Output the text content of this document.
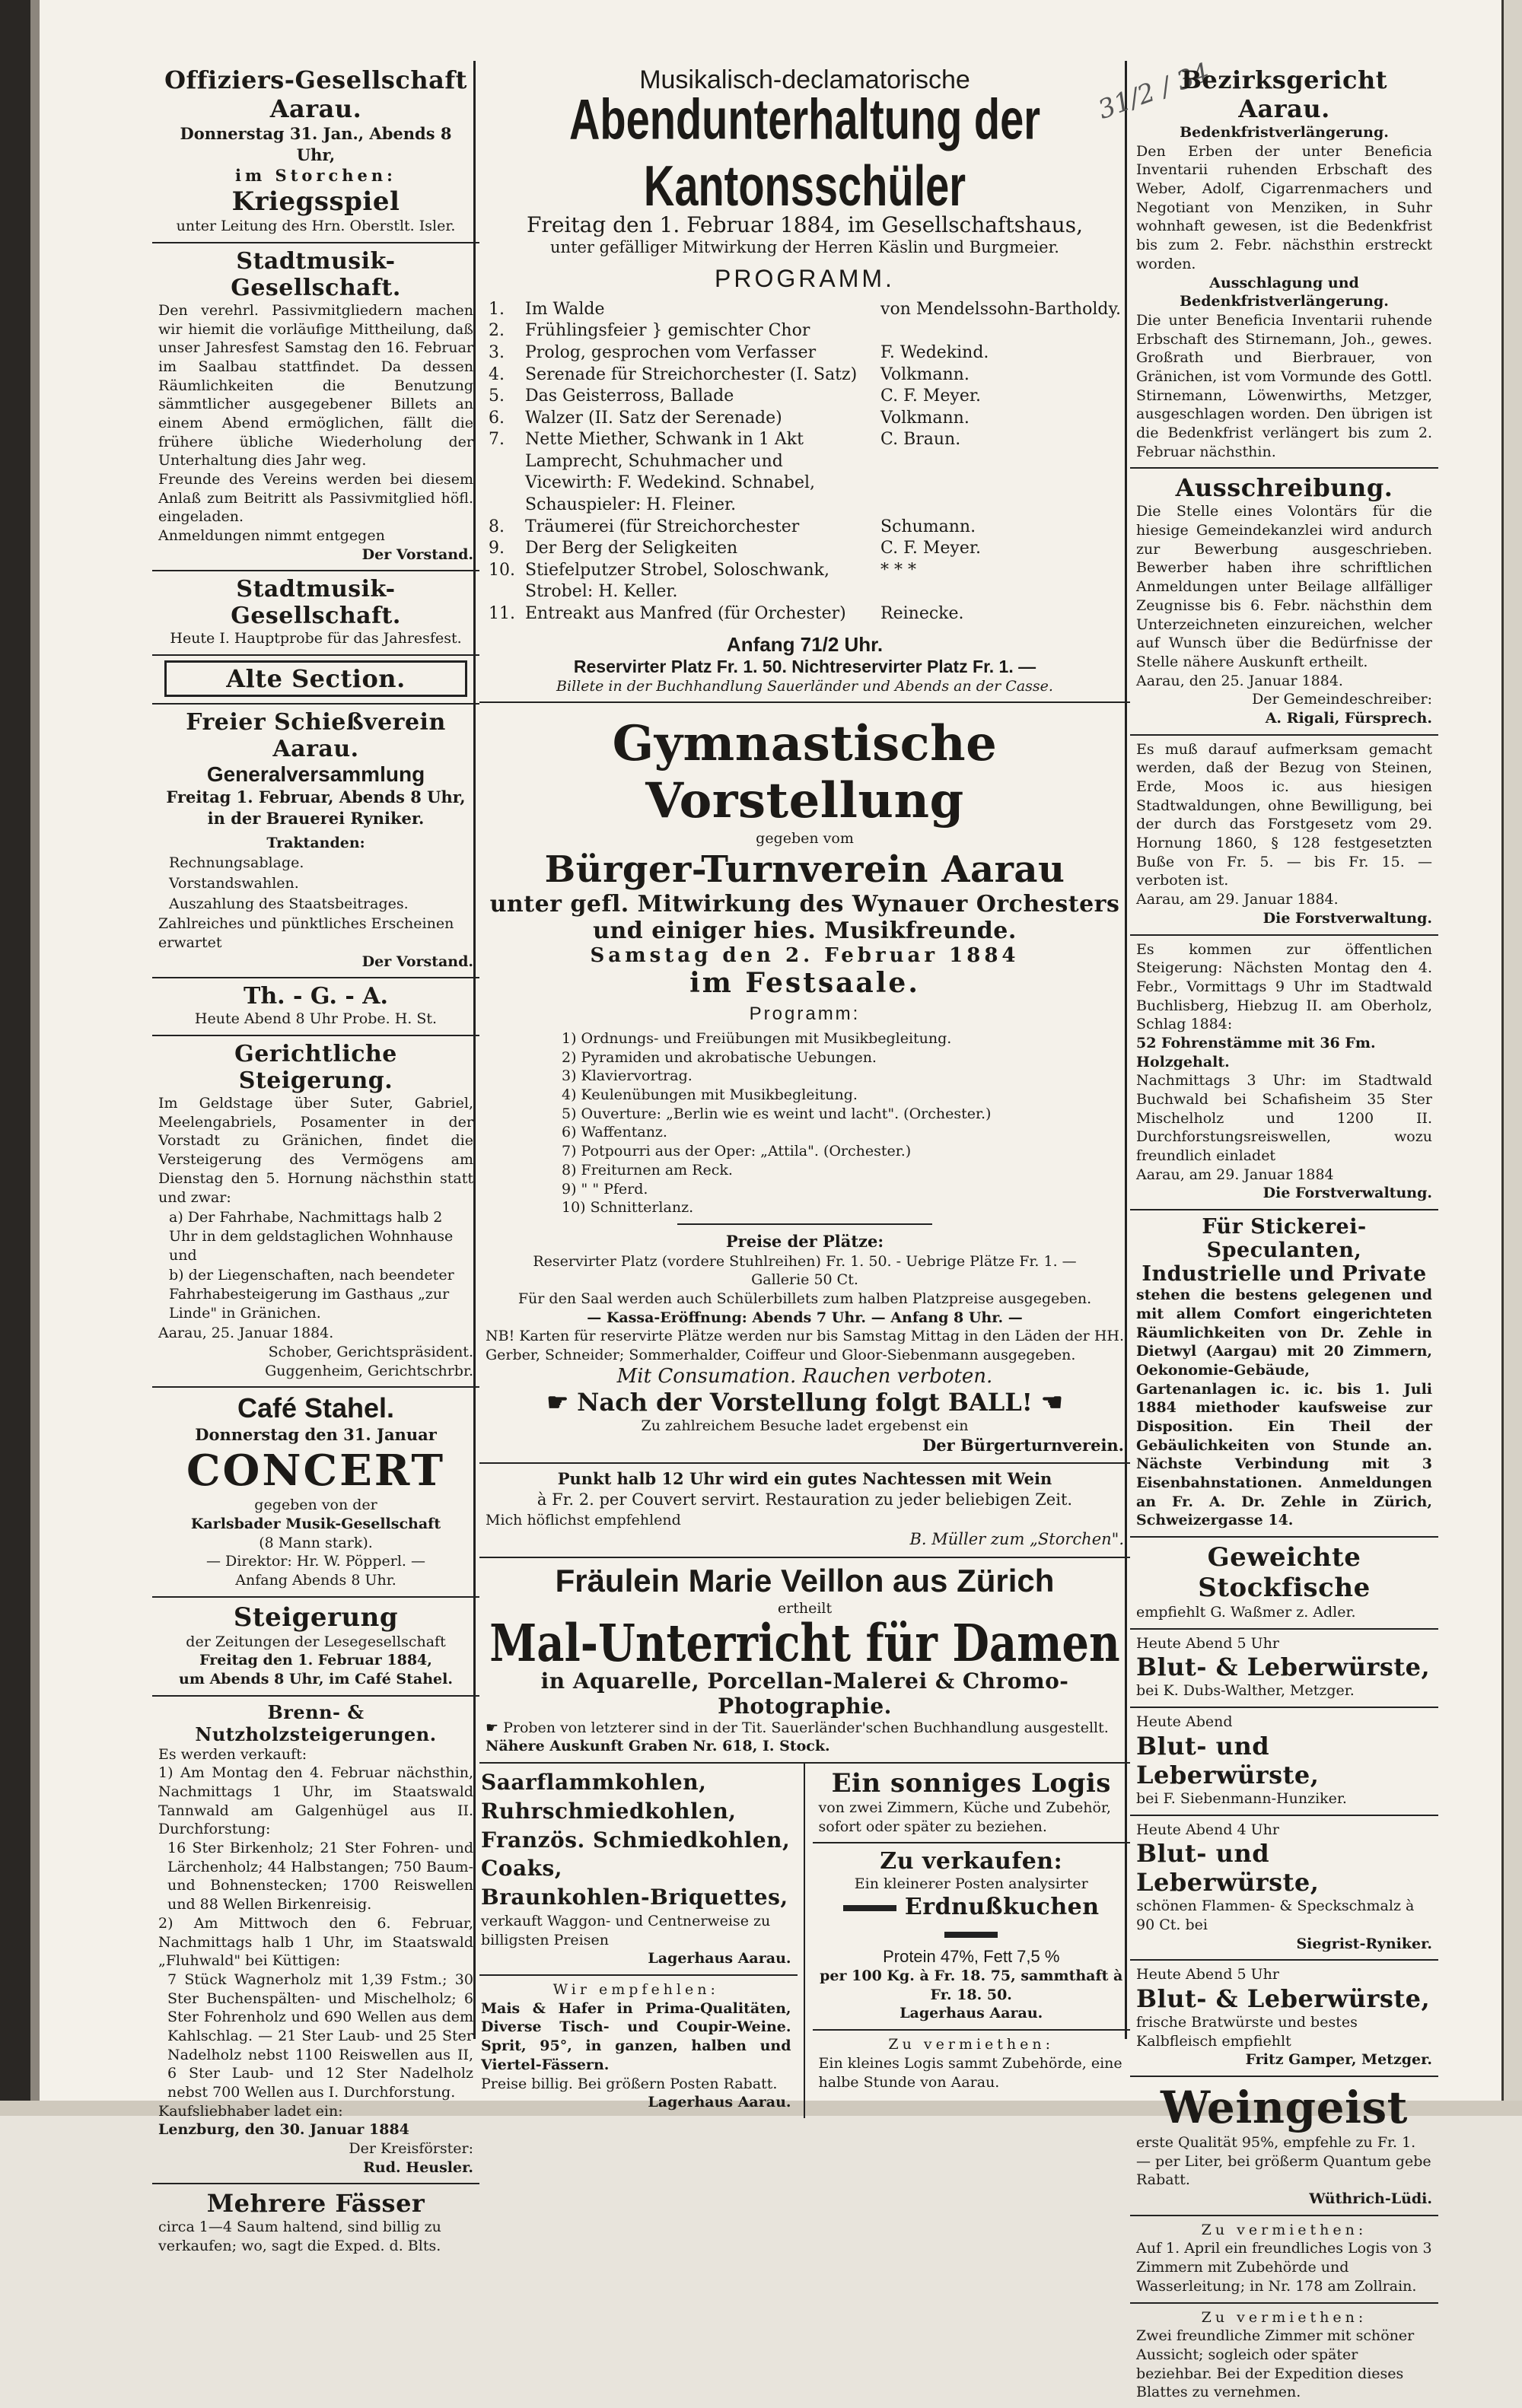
31/2 / 34
Offiziers-Gesellschaft Aarau.
Donnerstag 31. Jan., Abends 8 Uhr,
im Storchen:
Kriegsspiel
unter Leitung des Hrn. Oberstlt. Isler.
Stadtmusik-Gesellschaft.
Den verehrl. Passivmitgliedern machen wir hiemit die vorläufige Mittheilung, daß unser Jahresfest Samstag den 16. Februar im Saalbau stattfindet. Da dessen Räumlichkeiten die Benutzung sämmtlicher ausgegebener Billets an einem Abend ermöglichen, fällt die frühere übliche Wiederholung der Unterhaltung dies Jahr weg.
Freunde des Vereins werden bei diesem Anlaß zum Beitritt als Passivmitglied höfl. eingeladen.
Anmeldungen nimmt entgegen
Der Vorstand.
Stadtmusik-Gesellschaft.
Heute I. Hauptprobe für das Jahresfest.
Alte Section.
Freier Schießverein Aarau.
Generalversammlung
Freitag 1. Februar, Abends 8 Uhr,
in der Brauerei Ryniker.
Traktanden:
Rechnungsablage.
Vorstandswahlen.
Auszahlung des Staatsbeitrages.
Zahlreiches und pünktliches Erscheinen erwartet
Der Vorstand.
Th. - G. - A.
Heute Abend 8 Uhr Probe. H. St.
Gerichtliche Steigerung.
Im Geldstage über Suter, Gabriel, Meelengabriels, Posamenter in der Vorstadt zu Gränichen, findet die Versteigerung des Vermögens am Dienstag den 5. Hornung nächsthin statt und zwar:
a) Der Fahrhabe, Nachmittags halb 2 Uhr in dem geldstaglichen Wohnhause und
b) der Liegenschaften, nach beendeter Fahrhabesteigerung im Gasthaus „zur Linde" in Gränichen.
Aarau, 25. Januar 1884.
Schober, Gerichtspräsident.
Guggenheim, Gerichtschrbr.
Café Stahel.
Donnerstag den 31. Januar
CONCERT
gegeben von der
Karlsbader Musik-Gesellschaft
(8 Mann stark).
— Direktor: Hr. W. Pöpperl. —
Anfang Abends 8 Uhr.
Steigerung
der Zeitungen der Lesegesellschaft
Freitag den 1. Februar 1884,
um Abends 8 Uhr, im Café Stahel.
Brenn- & Nutzholzsteigerungen.
Es werden verkauft:
1) Am Montag den 4. Februar nächsthin, Nachmittags 1 Uhr, im Staatswald Tannwald am Galgenhügel aus II. Durchforstung:
16 Ster Birkenholz; 21 Ster Fohren- und Lärchenholz; 44 Halbstangen; 750 Baum- und Bohnenstecken; 1700 Reiswellen und 88 Wellen Birkenreisig.
2) Am Mittwoch den 6. Februar, Nachmittags halb 1 Uhr, im Staatswald „Fluhwald" bei Küttigen:
7 Stück Wagnerholz mit 1,39 Fstm.; 30 Ster Buchenspälten- und Mischelholz; 6 Ster Fohrenholz und 690 Wellen aus dem Kahlschlag. — 21 Ster Laub- und 25 Ster Nadelholz nebst 1100 Reiswellen aus II, 6 Ster Laub- und 12 Ster Nadelholz nebst 700 Wellen aus I. Durchforstung.
Kaufsliebhaber ladet ein:
Lenzburg, den 30. Januar 1884
Der Kreisförster:
Rud. Heusler.
Mehrere Fässer
circa 1—4 Saum haltend, sind billig zu verkaufen; wo, sagt die Exped. d. Blts.
Musikalisch-declamatorische
Abendunterhaltung der Kantonsschüler
Freitag den 1. Februar 1884, im Gesellschaftshaus,
unter gefälliger Mitwirkung der Herren Käslin und Burgmeier.
PROGRAMM.
1.	Im Walde	von Mendelssohn-Bartholdy.
2.	Frühlingsfeier } gemischter Chor	
3.	Prolog, gesprochen vom Verfasser	F. Wedekind.
4.	Serenade für Streichorchester (I. Satz)	Volkmann.
5.	Das Geisterross, Ballade	C. F. Meyer.
6.	Walzer (II. Satz der Serenade)	Volkmann.
7.	Nette Miether, Schwank in 1 Akt	C. Braun.
	Lamprecht, Schuhmacher und Vicewirth: F. Wedekind. Schnabel, Schauspieler: H. Fleiner.	
8.	Träumerei (für Streichorchester	Schumann.
9.	Der Berg der Seligkeiten	C. F. Meyer.
10.	Stiefelputzer Strobel, Soloschwank, Strobel: H. Keller.	* * *
11.	Entreakt aus Manfred (für Orchester)	Reinecke.
Anfang 71/2 Uhr.
Reservirter Platz Fr. 1. 50. Nichtreservirter Platz Fr. 1. —
Billete in der Buchhandlung Sauerländer und Abends an der Casse.
Gymnastische Vorstellung
gegeben vom
Bürger-Turnverein Aarau
unter gefl. Mitwirkung des Wynauer Orchesters und einiger hies. Musikfreunde.
Samstag den 2. Februar 1884
im Festsaale.
Programm:
1) Ordnungs- und Freiübungen mit Musikbegleitung.
2) Pyramiden und akrobatische Uebungen.
3) Klaviervortrag.
4) Keulenübungen mit Musikbegleitung.
5) Ouverture: „Berlin wie es weint und lacht". (Orchester.)
6) Waffentanz.
7) Potpourri aus der Oper: „Attila". (Orchester.)
8) Freiturnen am Reck.
9) " " Pferd.
10) Schnitterlanz.
Preise der Plätze:
Reservirter Platz (vordere Stuhlreihen) Fr. 1. 50. - Uebrige Plätze Fr. 1. —
Gallerie 50 Ct.
Für den Saal werden auch Schülerbillets zum halben Platzpreise ausgegeben.
— Kassa-Eröffnung: Abends 7 Uhr. — Anfang 8 Uhr. —
NB! Karten für reservirte Plätze werden nur bis Samstag Mittag in den Läden der HH. Gerber, Schneider; Sommerhalder, Coiffeur und Gloor-Siebenmann ausgegeben.
Mit Consumation. Rauchen verboten.
☛ Nach der Vorstellung folgt BALL! ☚
Zu zahlreichem Besuche ladet ergebenst ein
Der Bürgerturnverein.
Punkt halb 12 Uhr wird ein gutes Nachtessen mit Wein
à Fr. 2. per Couvert servirt. Restauration zu jeder beliebigen Zeit.
Mich höflichst empfehlend
B. Müller zum „Storchen".
Fräulein Marie Veillon aus Zürich
ertheilt
Mal-Unterricht für Damen
in Aquarelle, Porcellan-Malerei & Chromo-Photographie.
☛ Proben von letzterer sind in der Tit. Sauerländer'schen Buchhandlung ausgestellt.
Nähere Auskunft Graben Nr. 618, I. Stock.
Saarflammkohlen,
Ruhrschmiedkohlen,
Französ. Schmiedkohlen,
Coaks,
Braunkohlen-Briquettes,
verkauft Waggon- und Centnerweise zu billigsten Preisen
Lagerhaus Aarau.
Wir empfehlen:
Mais & Hafer in Prima-Qualitäten, Diverse Tisch- und Coupir-Weine. Sprit, 95°, in ganzen, halben und Viertel-Fässern.
Preise billig. Bei größern Posten Rabatt.
Lagerhaus Aarau.
Ein sonniges Logis
von zwei Zimmern, Küche und Zubehör, sofort oder später zu beziehen.
Zu verkaufen:
Ein kleinerer Posten analysirter
Erdnußkuchen
Protein 47%, Fett 7,5 %
per 100 Kg. à Fr. 18. 75, sammthaft à Fr. 18. 50.
Lagerhaus Aarau.
Zu vermiethen:
Ein kleines Logis sammt Zubehörde, eine halbe Stunde von Aarau.
Bezirksgericht Aarau.
Bedenkfristverlängerung.
Den Erben der unter Beneficia Inventarii ruhenden Erbschaft des Weber, Adolf, Cigarrenmachers und Negotiant von Menziken, in Suhr wohnhaft gewesen, ist die Bedenkfrist bis zum 2. Febr. nächsthin erstreckt worden.
Ausschlagung und Bedenkfristverlängerung.
Die unter Beneficia Inventarii ruhende Erbschaft des Stirnemann, Joh., gewes. Großrath und Bierbrauer, von Gränichen, ist vom Vormunde des Gottl. Stirnemann, Löwenwirths, Metzger, ausgeschlagen worden. Den übrigen ist die Bedenkfrist verlängert bis zum 2. Februar nächsthin.
Ausschreibung.
Die Stelle eines Volontärs für die hiesige Gemeindekanzlei wird andurch zur Bewerbung ausgeschrieben. Bewerber haben ihre schriftlichen Anmeldungen unter Beilage allfälliger Zeugnisse bis 6. Febr. nächsthin dem Unterzeichneten einzureichen, welcher auf Wunsch über die Bedürfnisse der Stelle nähere Auskunft ertheilt.
Aarau, den 25. Januar 1884.
Der Gemeindeschreiber:
A. Rigali, Fürsprech.
Es muß darauf aufmerksam gemacht werden, daß der Bezug von Steinen, Erde, Moos ic. aus hiesigen Stadtwaldungen, ohne Bewilligung, bei der durch das Forstgesetz vom 29. Hornung 1860, § 128 festgesetzten Buße von Fr. 5. — bis Fr. 15. — verboten ist.
Aarau, am 29. Januar 1884.
Die Forstverwaltung.
Es kommen zur öffentlichen Steigerung: Nächsten Montag den 4. Febr., Vormittags 9 Uhr im Stadtwald Buchlisberg, Hiebzug II. am Oberholz, Schlag 1884:
52 Fohrenstämme mit 36 Fm. Holzgehalt.
Nachmittags 3 Uhr: im Stadtwald Buchwald bei Schafisheim 35 Ster Mischelholz und 1200 II. Durchforstungsreiswellen, wozu freundlich einladet
Aarau, am 29. Januar 1884
Die Forstverwaltung.
Für Stickerei-Speculanten, Industrielle und Private
stehen die bestens gelegenen und mit allem Comfort eingerichteten Räumlichkeiten von Dr. Zehle in Dietwyl (Aargau) mit 20 Zimmern, Oekonomie-Gebäude, Gartenanlagen ic. ic. bis 1. Juli 1884 miethoder kaufsweise zur Disposition. Ein Theil der Gebäulichkeiten von Stunde an. Nächste Verbindung mit 3 Eisenbahnstationen. Anmeldungen an Fr. A. Dr. Zehle in Zürich, Schweizergasse 14.
Geweichte Stockfische
empfiehlt G. Waßmer z. Adler.
Heute Abend 5 Uhr
Blut- & Leberwürste,
bei K. Dubs-Walther, Metzger.
Heute Abend
Blut- und Leberwürste,
bei F. Siebenmann-Hunziker.
Heute Abend 4 Uhr
Blut- und Leberwürste,
schönen Flammen- & Speckschmalz à 90 Ct. bei
Siegrist-Ryniker.
Heute Abend 5 Uhr
Blut- & Leberwürste,
frische Bratwürste und bestes Kalbfleisch empfiehlt
Fritz Gamper, Metzger.
Weingeist
erste Qualität 95%, empfehle zu Fr. 1. — per Liter, bei größerm Quantum gebe Rabatt.
Wüthrich-Lüdi.
Zu vermiethen:
Auf 1. April ein freundliches Logis von 3 Zimmern mit Zubehörde und Wasserleitung; in Nr. 178 am Zollrain.
Zu vermiethen:
Zwei freundliche Zimmer mit schöner Aussicht; sogleich oder später beziehbar. Bei der Expedition dieses Blattes zu vernehmen.
